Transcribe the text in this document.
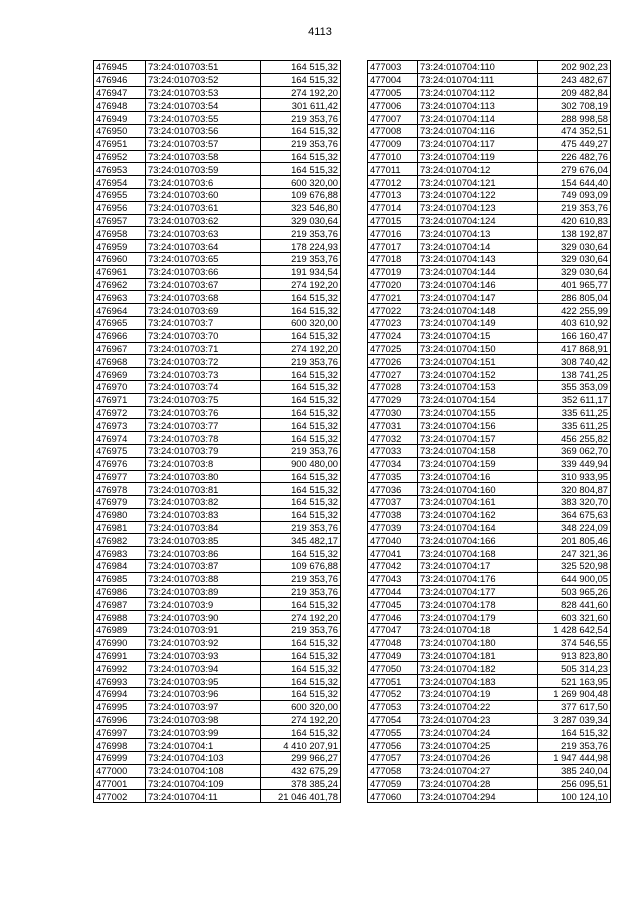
4113
476945	73:24:010703:51	164 515,32
476946	73:24:010703:52	164 515,32
476947	73:24:010703:53	274 192,20
476948	73:24:010703:54	301 611,42
476949	73:24:010703:55	219 353,76
476950	73:24:010703:56	164 515,32
476951	73:24:010703:57	219 353,76
476952	73:24:010703:58	164 515,32
476953	73:24:010703:59	164 515,32
476954	73:24:010703:6	600 320,00
476955	73:24:010703:60	109 676,88
476956	73:24:010703:61	323 546,80
476957	73:24:010703:62	329 030,64
476958	73:24:010703:63	219 353,76
476959	73:24:010703:64	178 224,93
476960	73:24:010703:65	219 353,76
476961	73:24:010703:66	191 934,54
476962	73:24:010703:67	274 192,20
476963	73:24:010703:68	164 515,32
476964	73:24:010703:69	164 515,32
476965	73:24:010703:7	600 320,00
476966	73:24:010703:70	164 515,32
476967	73:24:010703:71	274 192,20
476968	73:24:010703:72	219 353,76
476969	73:24:010703:73	164 515,32
476970	73:24:010703:74	164 515,32
476971	73:24:010703:75	164 515,32
476972	73:24:010703:76	164 515,32
476973	73:24:010703:77	164 515,32
476974	73:24:010703:78	164 515,32
476975	73:24:010703:79	219 353,76
476976	73:24:010703:8	900 480,00
476977	73:24:010703:80	164 515,32
476978	73:24:010703:81	164 515,32
476979	73:24:010703:82	164 515,32
476980	73:24:010703:83	164 515,32
476981	73:24:010703:84	219 353,76
476982	73:24:010703:85	345 482,17
476983	73:24:010703:86	164 515,32
476984	73:24:010703:87	109 676,88
476985	73:24:010703:88	219 353,76
476986	73:24:010703:89	219 353,76
476987	73:24:010703:9	164 515,32
476988	73:24:010703:90	274 192,20
476989	73:24:010703:91	219 353,76
476990	73:24:010703:92	164 515,32
476991	73:24:010703:93	164 515,32
476992	73:24:010703:94	164 515,32
476993	73:24:010703:95	164 515,32
476994	73:24:010703:96	164 515,32
476995	73:24:010703:97	600 320,00
476996	73:24:010703:98	274 192,20
476997	73:24:010703:99	164 515,32
476998	73:24:010704:1	4 410 207,91
476999	73:24:010704:103	299 966,27
477000	73:24:010704:108	432 675,29
477001	73:24:010704:109	378 385,24
477002	73:24:010704:11	21 046 401,78
477003	73:24:010704:110	202 902,23
477004	73:24:010704:111	243 482,67
477005	73:24:010704:112	209 482,84
477006	73:24:010704:113	302 708,19
477007	73:24:010704:114	288 998,58
477008	73:24:010704:116	474 352,51
477009	73:24:010704:117	475 449,27
477010	73:24:010704:119	226 482,76
477011	73:24:010704:12	279 676,04
477012	73:24:010704:121	154 644,40
477013	73:24:010704:122	749 093,09
477014	73:24:010704:123	219 353,76
477015	73:24:010704:124	420 610,83
477016	73:24:010704:13	138 192,87
477017	73:24:010704:14	329 030,64
477018	73:24:010704:143	329 030,64
477019	73:24:010704:144	329 030,64
477020	73:24:010704:146	401 965,77
477021	73:24:010704:147	286 805,04
477022	73:24:010704:148	422 255,99
477023	73:24:010704:149	403 610,92
477024	73:24:010704:15	166 160,47
477025	73:24:010704:150	417 868,91
477026	73:24:010704:151	308 740,42
477027	73:24:010704:152	138 741,25
477028	73:24:010704:153	355 353,09
477029	73:24:010704:154	352 611,17
477030	73:24:010704:155	335 611,25
477031	73:24:010704:156	335 611,25
477032	73:24:010704:157	456 255,82
477033	73:24:010704:158	369 062,70
477034	73:24:010704:159	339 449,94
477035	73:24:010704:16	310 933,95
477036	73:24:010704:160	320 804,87
477037	73:24:010704:161	383 320,70
477038	73:24:010704:162	364 675,63
477039	73:24:010704:164	348 224,09
477040	73:24:010704:166	201 805,46
477041	73:24:010704:168	247 321,36
477042	73:24:010704:17	325 520,98
477043	73:24:010704:176	644 900,05
477044	73:24:010704:177	503 965,26
477045	73:24:010704:178	828 441,60
477046	73:24:010704:179	603 321,60
477047	73:24:010704:18	1 428 642,54
477048	73:24:010704:180	374 546,55
477049	73:24:010704:181	913 823,80
477050	73:24:010704:182	505 314,23
477051	73:24:010704:183	521 163,95
477052	73:24:010704:19	1 269 904,48
477053	73:24:010704:22	377 617,50
477054	73:24:010704:23	3 287 039,34
477055	73:24:010704:24	164 515,32
477056	73:24:010704:25	219 353,76
477057	73:24:010704:26	1 947 444,98
477058	73:24:010704:27	385 240,04
477059	73:24:010704:28	256 095,51
477060	73:24:010704:294	100 124,10
